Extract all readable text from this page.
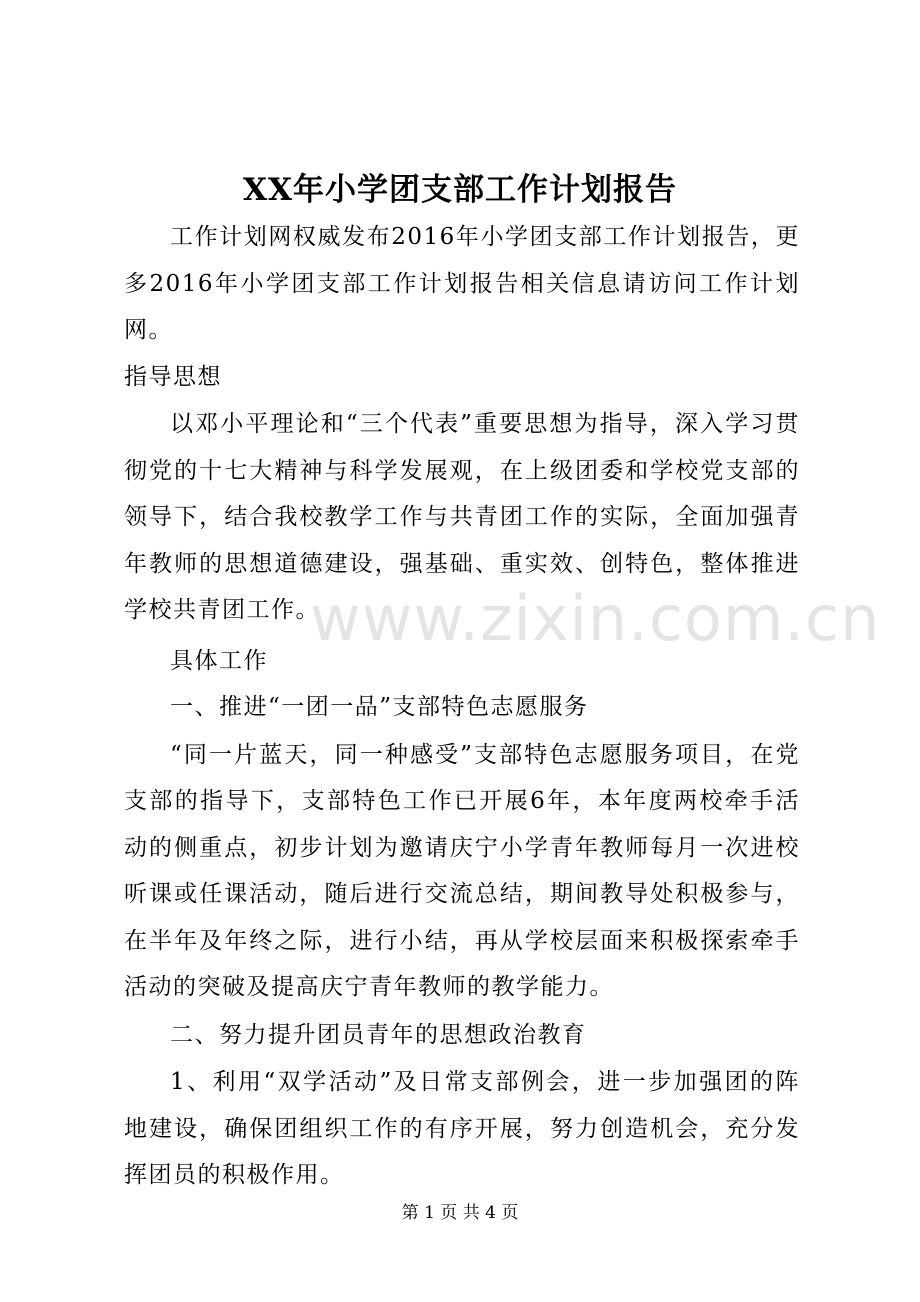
XX年小学团支部工作计划报告

工作计划网权威发布2016年小学团支部工作计划报告，更多2016年小学团支部工作计划报告相关信息请访问工作计划网。

指导思想

以邓小平理论和“三个代表”重要思想为指导，深入学习贯彻党的十七大精神与科学发展观，在上级团委和学校党支部的领导下，结合我校教学工作与共青团工作的实际，全面加强青年教师的思想道德建设，强基础、重实效、创特色，整体推进学校共青团工作。

具体工作

一、推进“一团一品”支部特色志愿服务

“同一片蓝天，同一种感受”支部特色志愿服务项目，在党支部的指导下，支部特色工作已开展6年，本年度两校牵手活动的侧重点，初步计划为邀请庆宁小学青年教师每月一次进校听课或任课活动，随后进行交流总结，期间教导处积极参与，在半年及年终之际，进行小结，再从学校层面来积极探索牵手活动的突破及提高庆宁青年教师的教学能力。

二、努力提升团员青年的思想政治教育

1、利用“双学活动”及日常支部例会，进一步加强团的阵地建设，确保团组织工作的有序开展，努力创造机会，充分发挥团员的积极作用。

www.zixin.com.cn
第 1 页 共 4 页
